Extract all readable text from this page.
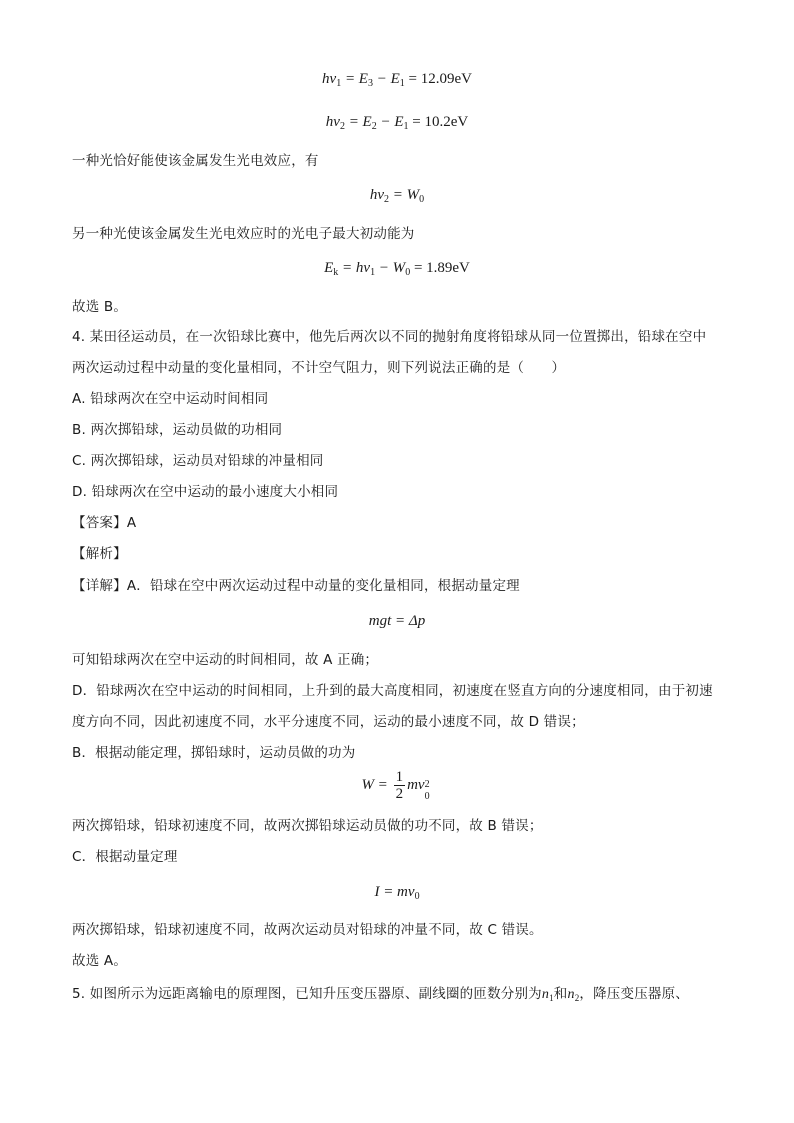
$h\nu_1 = E_3 - E_1 = 12.09eV$
$h\nu_2 = E_2 - E_1 = 10.2eV$
一种光恰好能使该金属发生光电效应，有
$hv_2 = W_0$
另一种光使该金属发生光电效应时的光电子最大初动能为
$E_k = hv_1 - W_0 = 1.89eV$
故选 B。
4. 某田径运动员，在一次铅球比赛中，他先后两次以不同的抛射角度将铅球从同一位置掷出，铅球在空中
两次运动过程中动量的变化量相同，不计空气阻力，则下列说法正确的是（　　）
A. 铅球两次在空中运动时间相同
B. 两次掷铅球，运动员做的功相同
C. 两次掷铅球，运动员对铅球的冲量相同
D. 铅球两次在空中运动的最小速度大小相同
【答案】A
【解析】
【详解】A．铅球在空中两次运动过程中动量的变化量相同，根据动量定理
mgt = Δp
可知铅球两次在空中运动的时间相同，故 A 正确；
D．铅球两次在空中运动的时间相同，上升到的最大高度相同，初速度在竖直方向的分速度相同，由于初速
度方向不同，因此初速度不同，水平分速度不同，运动的最小速度不同，故 D 错误；
B．根据动能定理，掷铅球时，运动员做的功为
$W = \frac{1}{2}$ mv 2
0
两次掷铅球，铅球初速度不同，故两次掷铅球运动员做的功不同，故 B 错误；
C．根据动量定理
$I = mv_0$
两次掷铅球，铅球初速度不同，故两次运动员对铅球的冲量不同，故 C 错误。
故选 A。
5. 如图所示为远距离输电的原理图，已知升压变压器原、副线圈的匝数分别为$n_1$和$n_2$，降压变压器原、
